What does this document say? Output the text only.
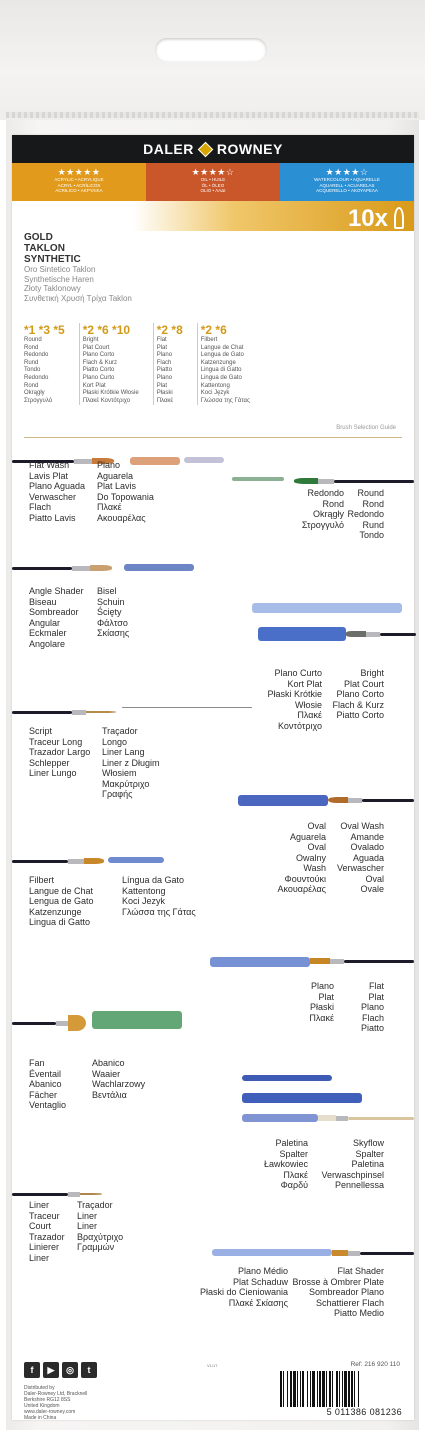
DALER ROWNEY
★★★★★
ACRYLIC • ACRYLIQUE
ACRYL • ACRÍLICOS
ACRILICO • ΑΚΡΥΛΙΚΑ
★★★★☆
OIL • HUILE
ÖL • ÓLEO
OLIO • ΛΑΔΙ
★★★★☆
WATERCOLOUR • AQUARELLE
AQUARELL • ACUARELAS
ACQUERELLO • ΑΚΟΥΑΡΕΛΑ
10x
GOLD
TAKLON
SYNTHETIC
Oro Sintetico Taklon
Synthetische Haren
Złoty Taklonowy
Συνθετική Χρυσή Τρίχα Taklon
*1 *3 *5
Round
Rond
Redondo
Rund
Tondo
Redondo
Rond
Okrągły
Στρογγυλό
*2 *6 *10
Bright
Plat Court
Plano Corto
Flach & Kurz
Piatto Corto
Plano Curto
Kort Plat
Płaski Krótkie Włosie
Πλακέ Κοντότριχο
*2 *8
Flat
Plat
Plano
Flach
Piatto
Plano
Plat
Płaski
Πλακέ
*2 *6
Filbert
Langue de Chat
Lengua de Gato
Katzenzunge
Lingua di Gatto
Lingua de Gato
Kattentong
Koci Język
Γλώσσα της Γάτας
Brush Selection Guide
Flat Wash
Lavis Plat
Plano Aguada
Verwascher
Flach
Piatto Lavis
Plano
Aguarela
Plat Lavis
Do Topowania
Πλακέ
Ακουαρέλας
Redondo
Rond
Okrągły
Στρογγυλό
Round
Rond
Redondo
Rund
Tondo
Angle Shader
Biseau
Sombreador
Angular
Eckmaler
Angolare
Bisel
Schuin
Ścięty
Φάλτσο
Σκίασης
Plano Curto
Kort Plat
Płaski Krótkie
Włosie
Πλακέ
Κοντότριχο
Bright
Plat Court
Plano Corto
Flach & Kurz
Piatto Corto
Script
Traceur Long
Trazador Largo
Schlepper
Liner Lungo
Traçador
Longo
Liner Lang
Liner z Długim
Włosiem
Μακρύτριχο
Γραφής
Oval
Aguarela
Oval
Owalny
Wash
Φουντούκι
Ακουαρέλας
Oval Wash
Amande
Ovalado
Aguada
Verwascher
Oval
Ovale
Filbert
Langue de Chat
Lengua de Gato
Katzenzunge
Lingua di Gatto
Língua da Gato
Kattentong
Koci Jezyk
Γλώσσα της Γάτας
Plano
Plat
Płaski
Πλακέ
Flat
Plat
Plano
Flach
Piatto
Fan
Éventail
Abanico
Fächer
Ventaglio
Abanico
Waaier
Wachlarzowy
Βεντάλια
Paletina
Spalter
Ławkowiec
Πλακέ
Φαρδύ
Skyflow
Spalter
Paletina
Verwaschpinsel
Pennellessa
Liner
Traceur
Court
Trazador
Linierer
Liner
Traçador
Liner
Liner
Βραχύτριχο
Γραμμών
Plano Médio
Plat Schaduw
Płaski do Cieniowania
Πλακέ Σκίασης
Flat Shader
Brosse à Ombrer Plate
Sombreador Plano
Schattierer Flach
Piatto Medio
f	▶	◎	t
Distributed by
Daler-Rowney Ltd, Bracknell
Berkshire RG12 8SS
United Kingdom
www.daler-rowney.com
Made in China
V1/17	Ref: 216 920 110
5 011386 081236
